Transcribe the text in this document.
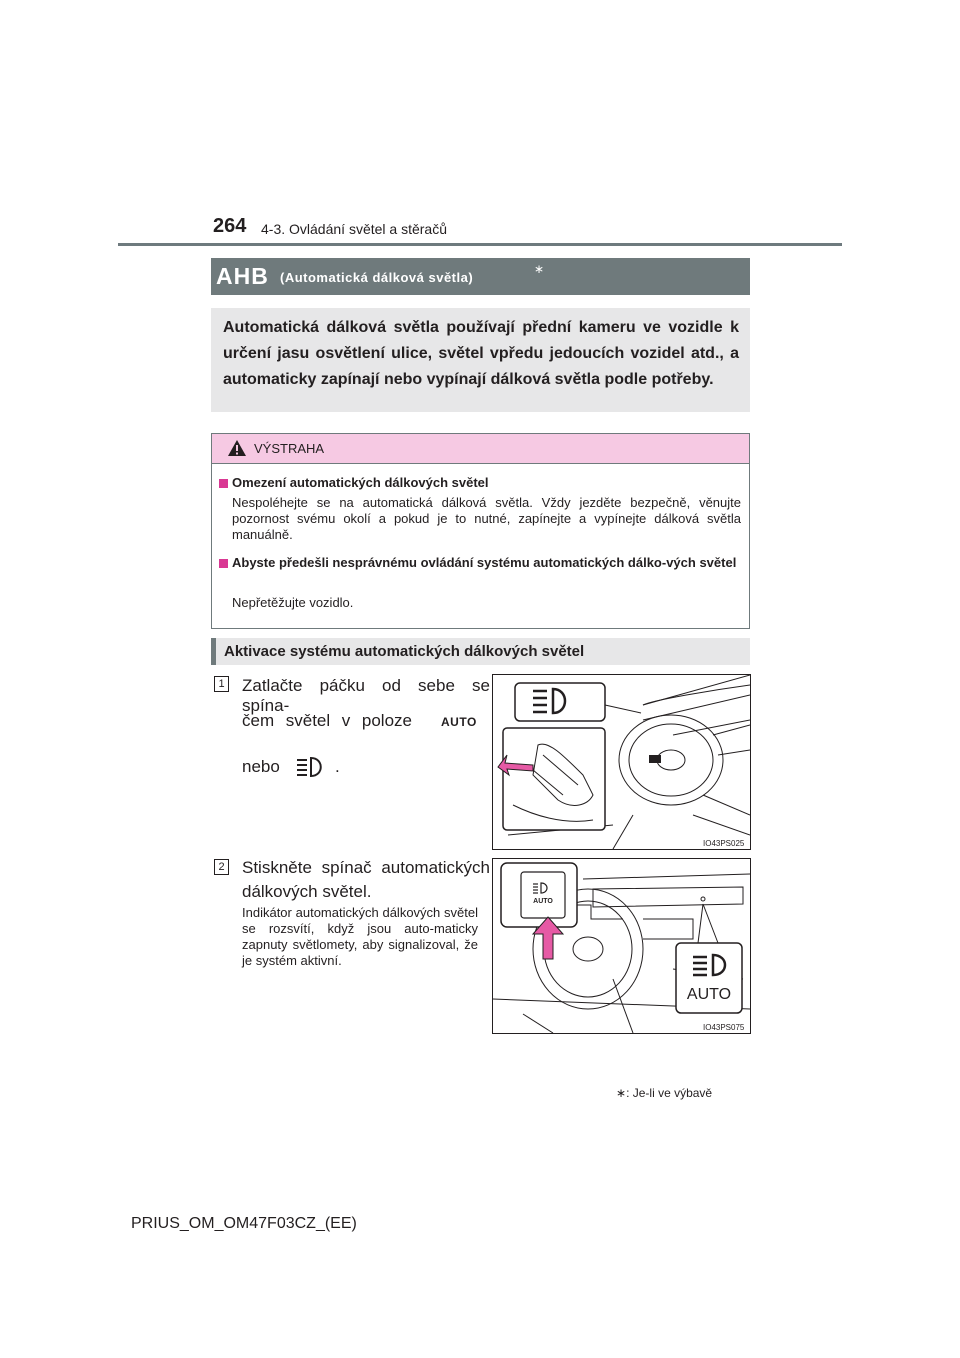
264 4-3. Ovládání světel a stěračů
AHB (Automatická dálková světla)
∗
Automatická dálková světla používají přední kameru ve vozidle k určení jasu osvětlení ulice, světel vpředu jedoucích vozidel atd., a automaticky zapínají nebo vypínají dálková světla podle potřeby.
VÝSTRAHA
Omezení automatických dálkových světel
Nespoléhejte se na automatická dálková světla. Vždy jezděte bezpečně, věnujte pozornost svému okolí a pokud je to nutné, zapínejte a vypínejte dálková světla manuálně.
Abyste předešli nesprávnému ovládání systému automatických dálko-vých světel
Nepřetěžujte vozidlo.
Aktivace systému automatických dálkových světel
1 Zatlačte páčku od sebe se spína-
čem světel v poloze AUTO
nebo	.
IO43PS025
2 Stiskněte spínač automatických dálkových světel.
Indikátor automatických dálkových světel se rozsvítí, když jsou auto-maticky zapnuty světlomety, aby signalizoval, že je systém aktivní.
AUTO
AUTO
IO43PS075
∗: Je-li ve výbavě
PRIUS_OM_OM47F03CZ_(EE)
